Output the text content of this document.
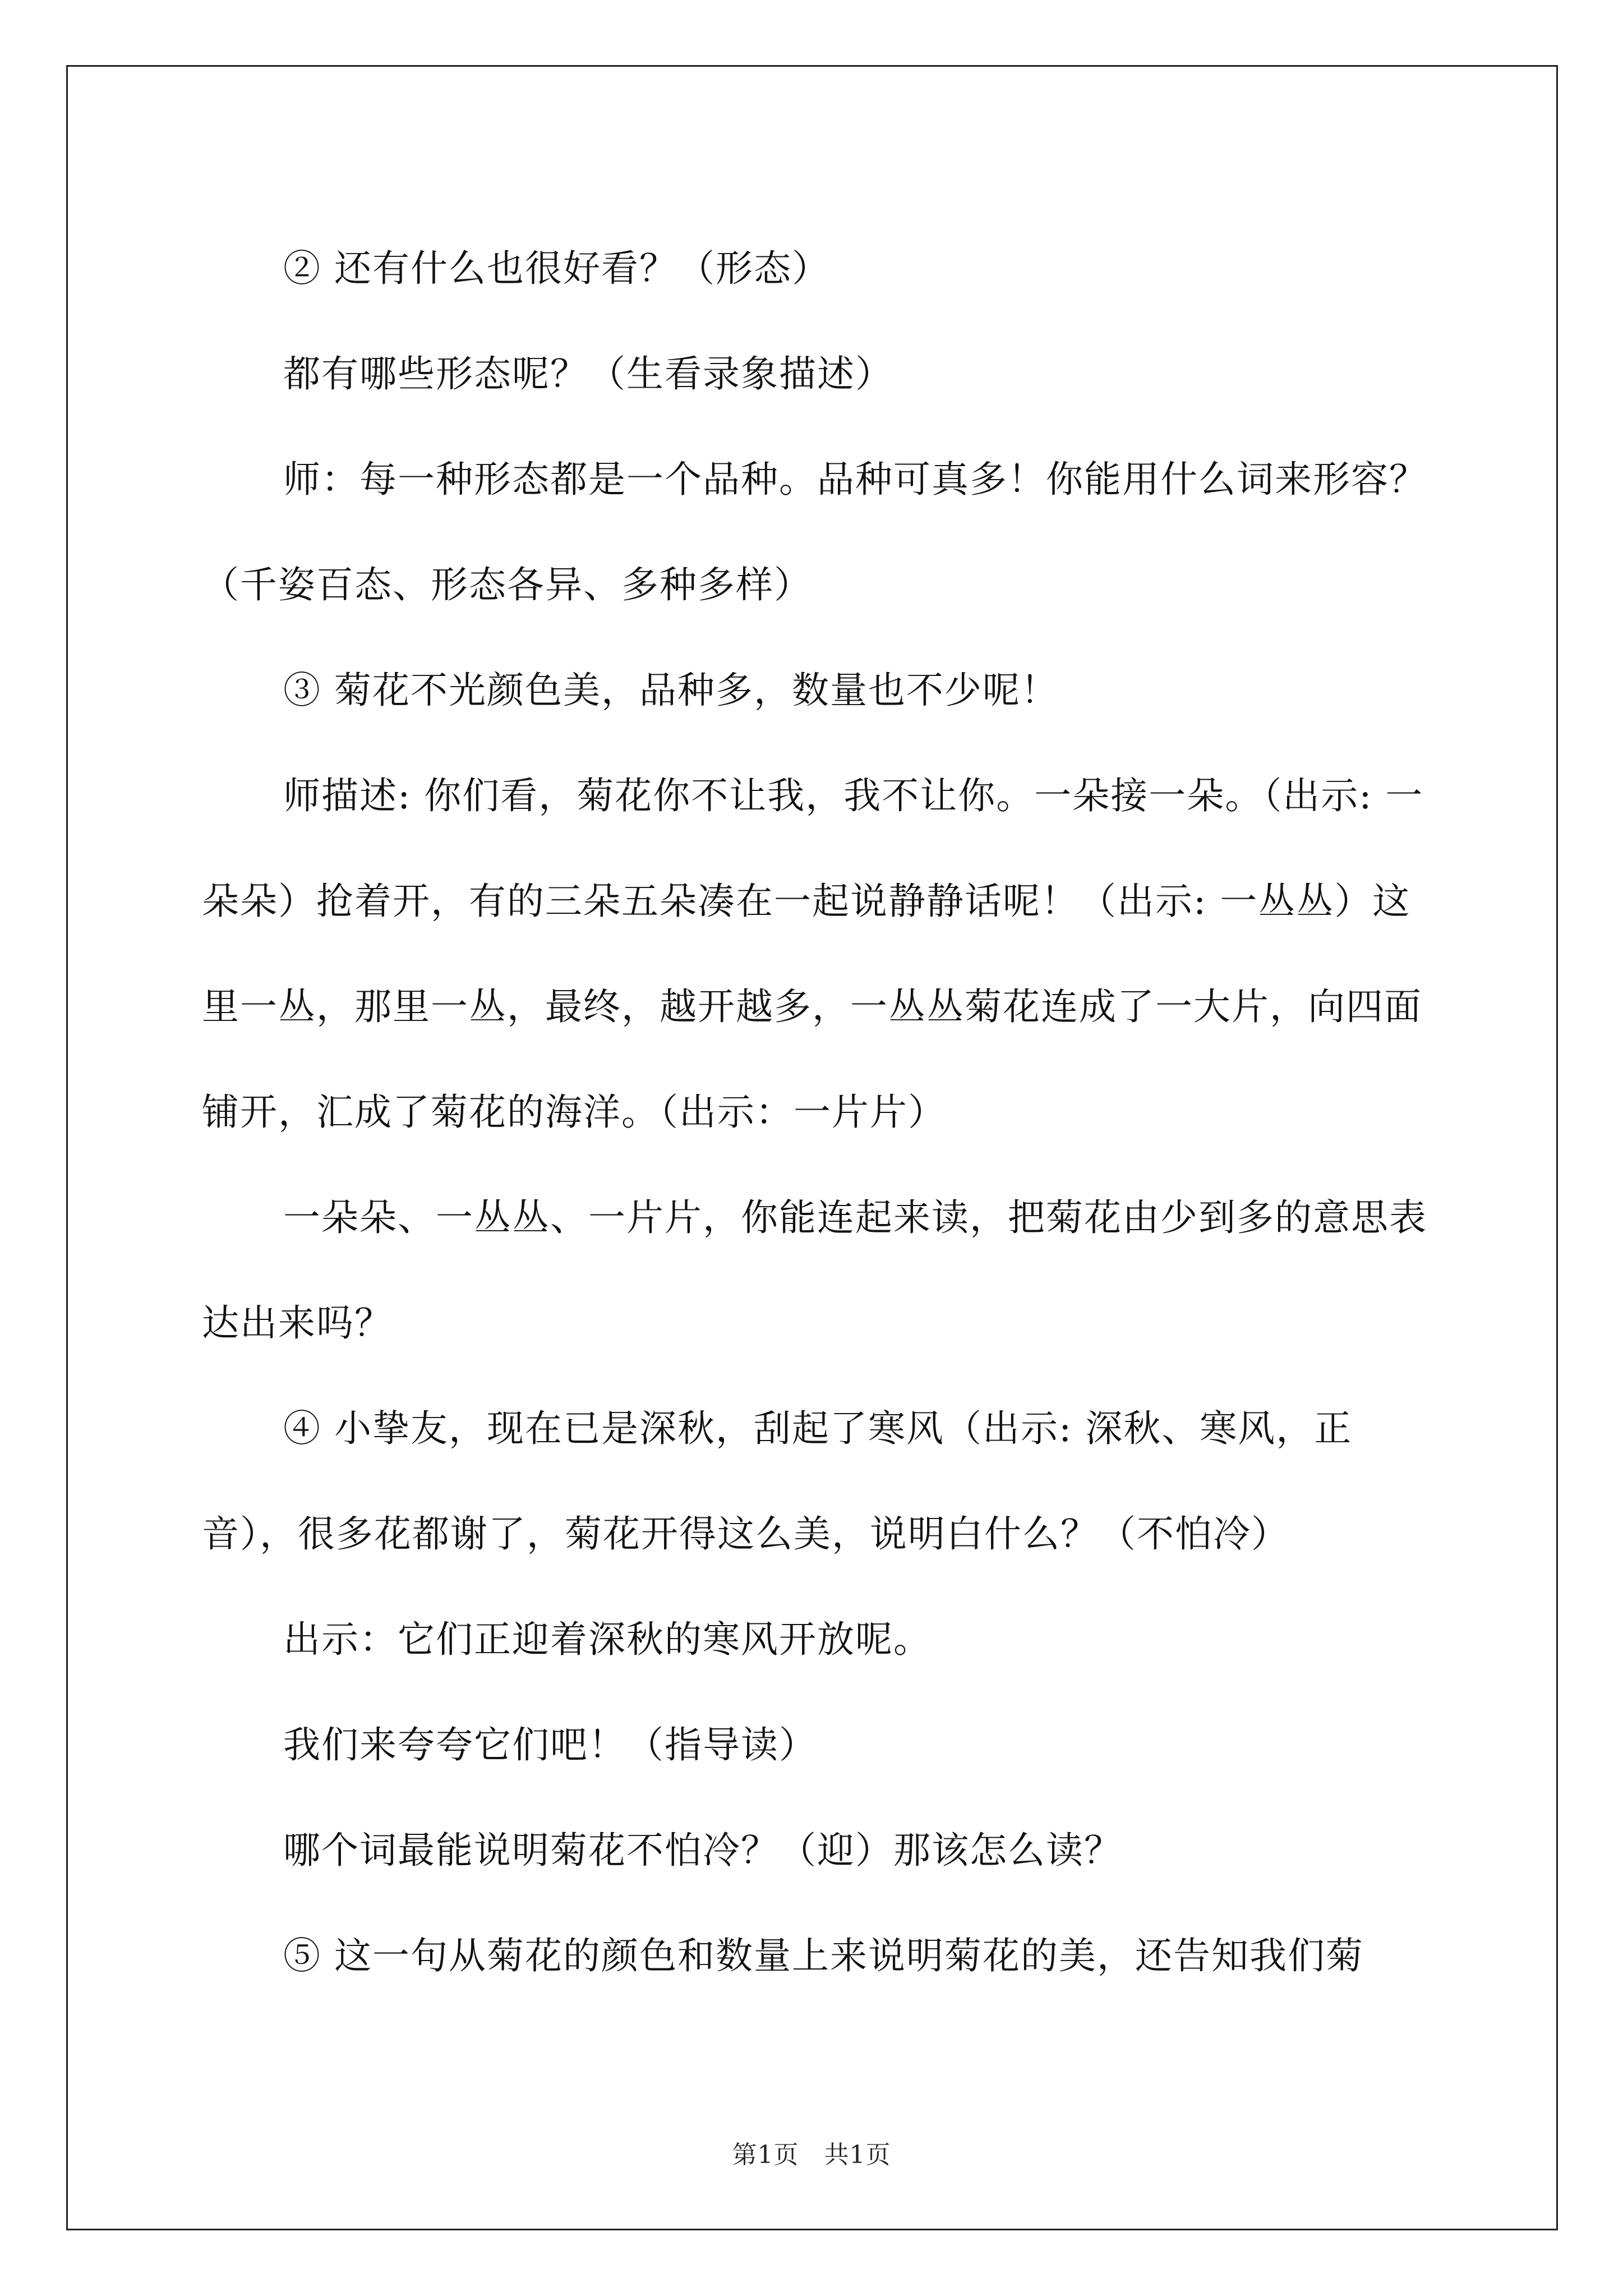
② 还有什么也很好看？（形态）

都有哪些形态呢？（生看录象描述）

师：每一种形态都是一个品种。品种可真多！你能用什么词来形容？（千姿百态、形态各异、多种多样）

③ 菊花不光颜色美，品种多，数量也不少呢！

师描述: 你们看，菊花你不让我，我不让你。一朵接一朵。（出示: 一朵朵）抢着开，有的三朵五朵凑在一起说静静话呢！（出示: 一丛丛）这里一丛，那里一丛，最终，越开越多，一丛丛菊花连成了一大片，向四面铺开，汇成了菊花的海洋。（出示：一片片）

一朵朵、一丛丛、一片片，你能连起来读，把菊花由少到多的意思表达出来吗？

④ 小挚友，现在已是深秋，刮起了寒风（出示: 深秋、寒风，正音），很多花都谢了，菊花开得这么美，说明白什么？（不怕冷）

出示：它们正迎着深秋的寒风开放呢。

我们来夸夸它们吧！（指导读）

哪个词最能说明菊花不怕冷？（迎）那该怎么读？

⑤ 这一句从菊花的颜色和数量上来说明菊花的美，还告知我们菊

第1页　共1页
